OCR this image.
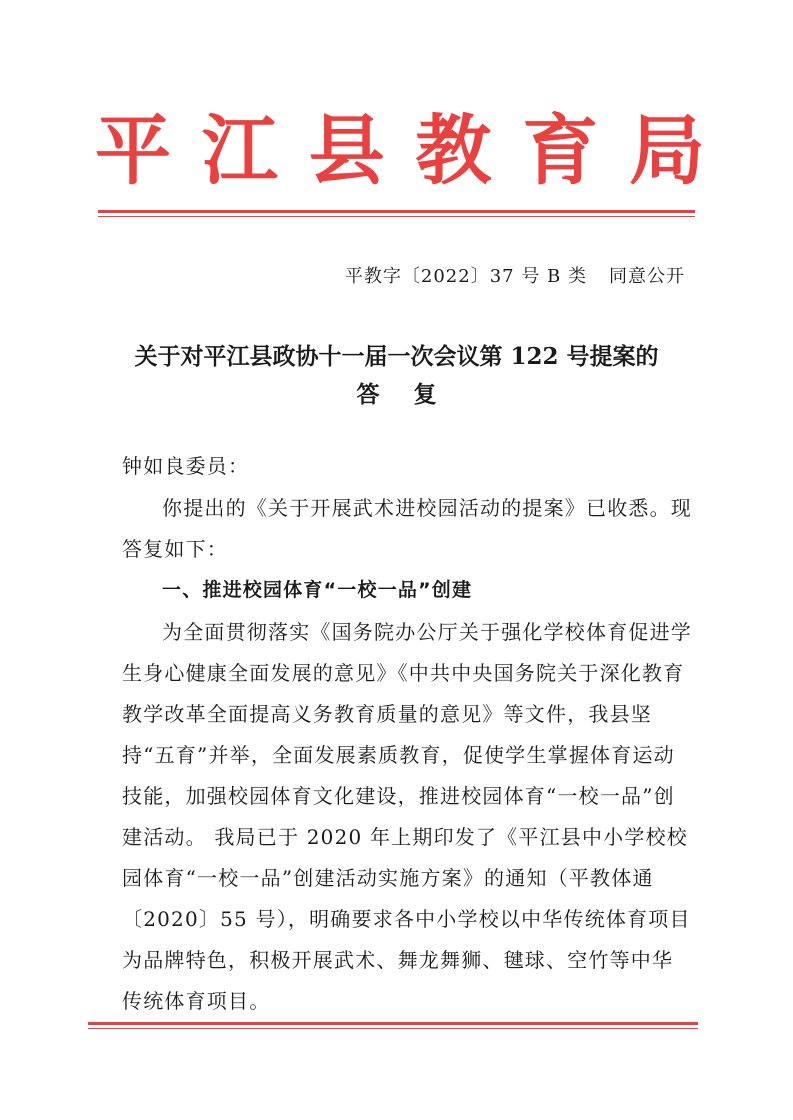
平 江 县 教 育 局
平教字〔2022〕37 号 B 类 同意公开
关于对平江县政协十一届一次会议第 122 号提案的
答复
钟如良委员：
你提出的《关于开展武术进校园活动的提案》已收悉。现答复如下：
一、推进校园体育“一校一品”创建
为全面贯彻落实《国务院办公厅关于强化学校体育促进学生身心健康全面发展的意见》《中共中央国务院关于深化教育教学改革全面提高义务教育质量的意见》等文件，我县坚持“五育”并举，全面发展素质教育，促使学生掌握体育运动技能，加强校园体育文化建设，推进校园体育“一校一品”创建活动。 我局已于 2020 年上期印发了《平江县中小学校校园体育“一校一品”创建活动实施方案》的通知（平教体通〔2020〕55 号），明确要求各中小学校以中华传统体育项目为品牌特色，积极开展武术、舞龙舞狮、毽球、空竹等中华传统体育项目。
